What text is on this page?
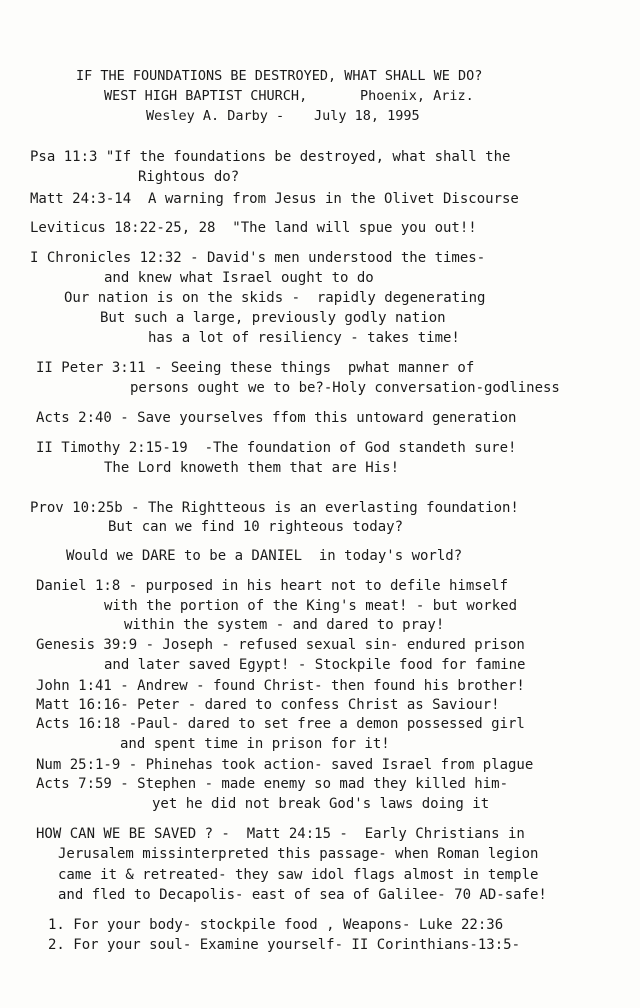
IF THE FOUNDATIONS BE DESTROYED, WHAT SHALL WE DO?
WEST HIGH BAPTIST CHURCH,	Phoenix, Ariz.
Wesley A. Darby - July 18, 1995
Psa 11:3 "If the foundations be destroyed, what shall the
Rightous do?
Matt 24:3-14  A warning from Jesus in the Olivet Discourse
Leviticus 18:22-25, 28  "The land will spue you out!!
I Chronicles 12:32 - David's men understood the times-
and knew what Israel ought to do
Our nation is on the skids -  rapidly degenerating
But such a large, previously godly nation
has a lot of resiliency - takes time!
II Peter 3:11 - Seeing these things  pwhat manner of
persons ought we to be?-Holy conversation-godliness
Acts 2:40 - Save yourselves ffom this untoward generation
II Timothy 2:15-19  -The foundation of God standeth sure!
The Lord knoweth them that are His!
Prov 10:25b - The Rightteous is an everlasting foundation!
But can we find 10 righteous today?
Would we DARE to be a DANIEL  in today's world?
Daniel 1:8 - purposed in his heart not to defile himself
with the portion of the King's meat! - but worked
within the system - and dared to pray!
Genesis 39:9 - Joseph - refused sexual sin- endured prison
and later saved Egypt! - Stockpile food for famine
John 1:41 - Andrew - found Christ- then found his brother!
Matt 16:16- Peter - dared to confess Christ as Saviour!
Acts 16:18 -Paul- dared to set free a demon possessed girl
and spent time in prison for it!
Num 25:1-9 - Phinehas took action- saved Israel from plague
Acts 7:59 - Stephen - made enemy so mad they killed him-
yet he did not break God's laws doing it
HOW CAN WE BE SAVED ? -  Matt 24:15 -  Early Christians in
Jerusalem missinterpreted this passage- when Roman legion
came it & retreated- they saw idol flags almost in temple
and fled to Decapolis- east of sea of Galilee- 70 AD-safe!
1. For your body- stockpile food , Weapons- Luke 22:36
2. For your soul- Examine yourself- II Corinthians-13:5-
